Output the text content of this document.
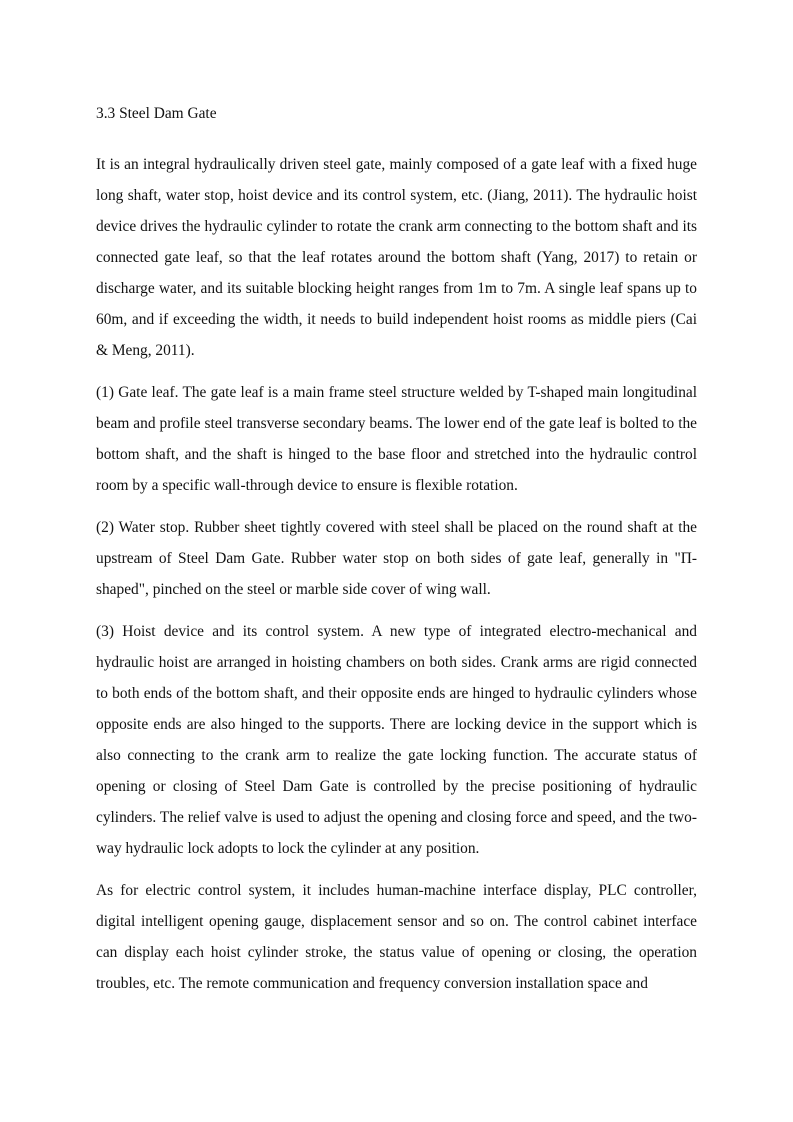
3.3 Steel Dam Gate

It is an integral hydraulically driven steel gate, mainly composed of a gate leaf with a fixed huge long shaft, water stop, hoist device and its control system, etc. (Jiang, 2011). The hydraulic hoist device drives the hydraulic cylinder to rotate the crank arm connecting to the bottom shaft and its connected gate leaf, so that the leaf rotates around the bottom shaft (Yang, 2017) to retain or discharge water, and its suitable blocking height ranges from 1m to 7m. A single leaf spans up to 60m, and if exceeding the width, it needs to build independent hoist rooms as middle piers (Cai & Meng, 2011).

(1) Gate leaf. The gate leaf is a main frame steel structure welded by T-shaped main longitudinal beam and profile steel transverse secondary beams. The lower end of the gate leaf is bolted to the bottom shaft, and the shaft is hinged to the base floor and stretched into the hydraulic control room by a specific wall-through device to ensure is flexible rotation.

(2) Water stop. Rubber sheet tightly covered with steel shall be placed on the round shaft at the upstream of Steel Dam Gate. Rubber water stop on both sides of gate leaf, generally in "Π-shaped", pinched on the steel or marble side cover of wing wall.

(3) Hoist device and its control system. A new type of integrated electro-mechanical and hydraulic hoist are arranged in hoisting chambers on both sides. Crank arms are rigid connected to both ends of the bottom shaft, and their opposite ends are hinged to hydraulic cylinders whose opposite ends are also hinged to the supports. There are locking device in the support which is also connecting to the crank arm to realize the gate locking function. The accurate status of opening or closing of Steel Dam Gate is controlled by the precise positioning of hydraulic cylinders. The relief valve is used to adjust the opening and closing force and speed, and the two-way hydraulic lock adopts to lock the cylinder at any position.

As for electric control system, it includes human-machine interface display, PLC controller, digital intelligent opening gauge, displacement sensor and so on. The control cabinet interface can display each hoist cylinder stroke, the status value of opening or closing, the operation troubles, etc. The remote communication and frequency conversion installation space and
